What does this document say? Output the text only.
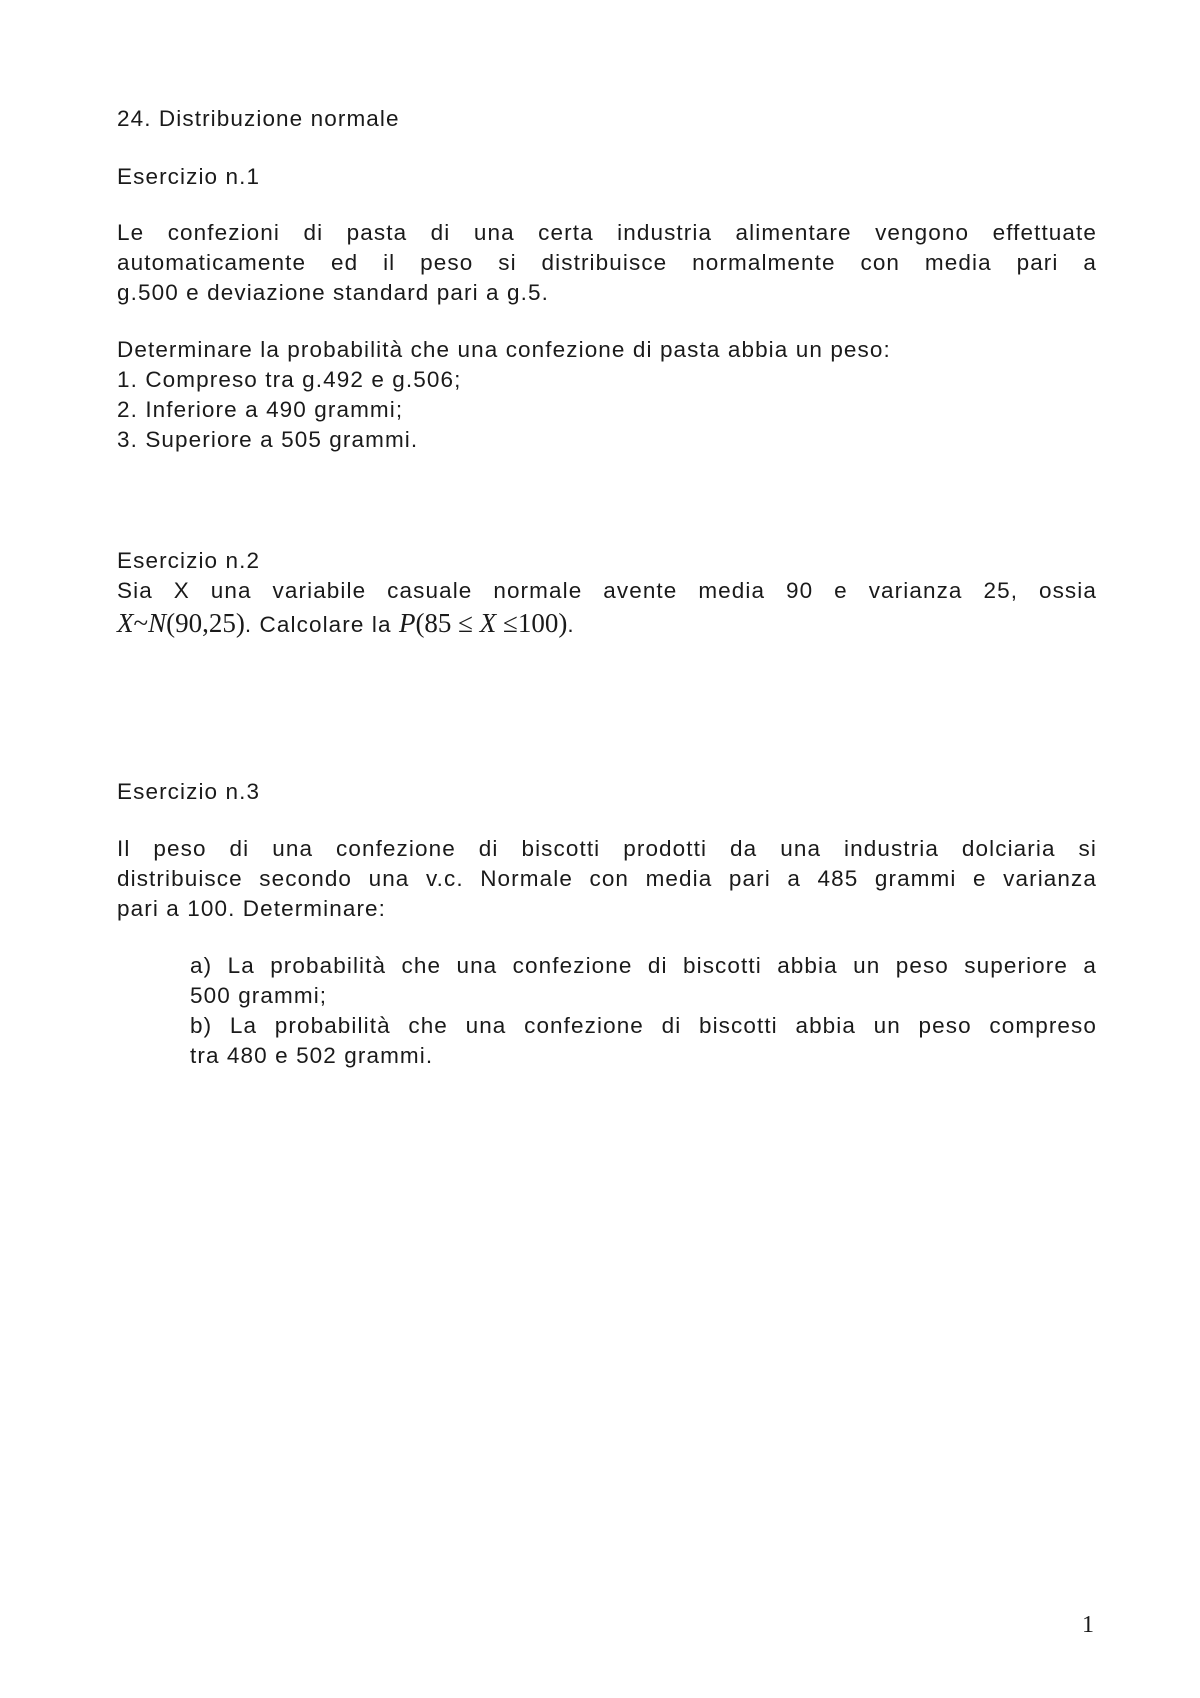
24. Distribuzione normale
Esercizio n.1
Le confezioni di pasta di una certa industria alimentare vengono effettuate
automaticamente ed il peso si distribuisce normalmente con media pari a
g.500 e deviazione standard pari a g.5.
Determinare la probabilità che una confezione di pasta abbia un peso:
1. Compreso tra g.492 e g.506;
2. Inferiore a 490 grammi;
3. Superiore a 505 grammi.
Esercizio n.2
Sia X una variabile casuale normale avente media 90 e varianza 25, ossia
X~N(90,25). Calcolare la P(85 ≤ X ≤100).
Esercizio n.3
Il peso di una confezione di biscotti prodotti da una industria dolciaria si
distribuisce secondo una v.c. Normale con media pari a 485 grammi e varianza
pari a 100. Determinare:
a) La probabilità che una confezione di biscotti abbia un peso superiore a
500 grammi;
b) La probabilità che una confezione di biscotti abbia un peso compreso
tra 480 e 502 grammi.
1
